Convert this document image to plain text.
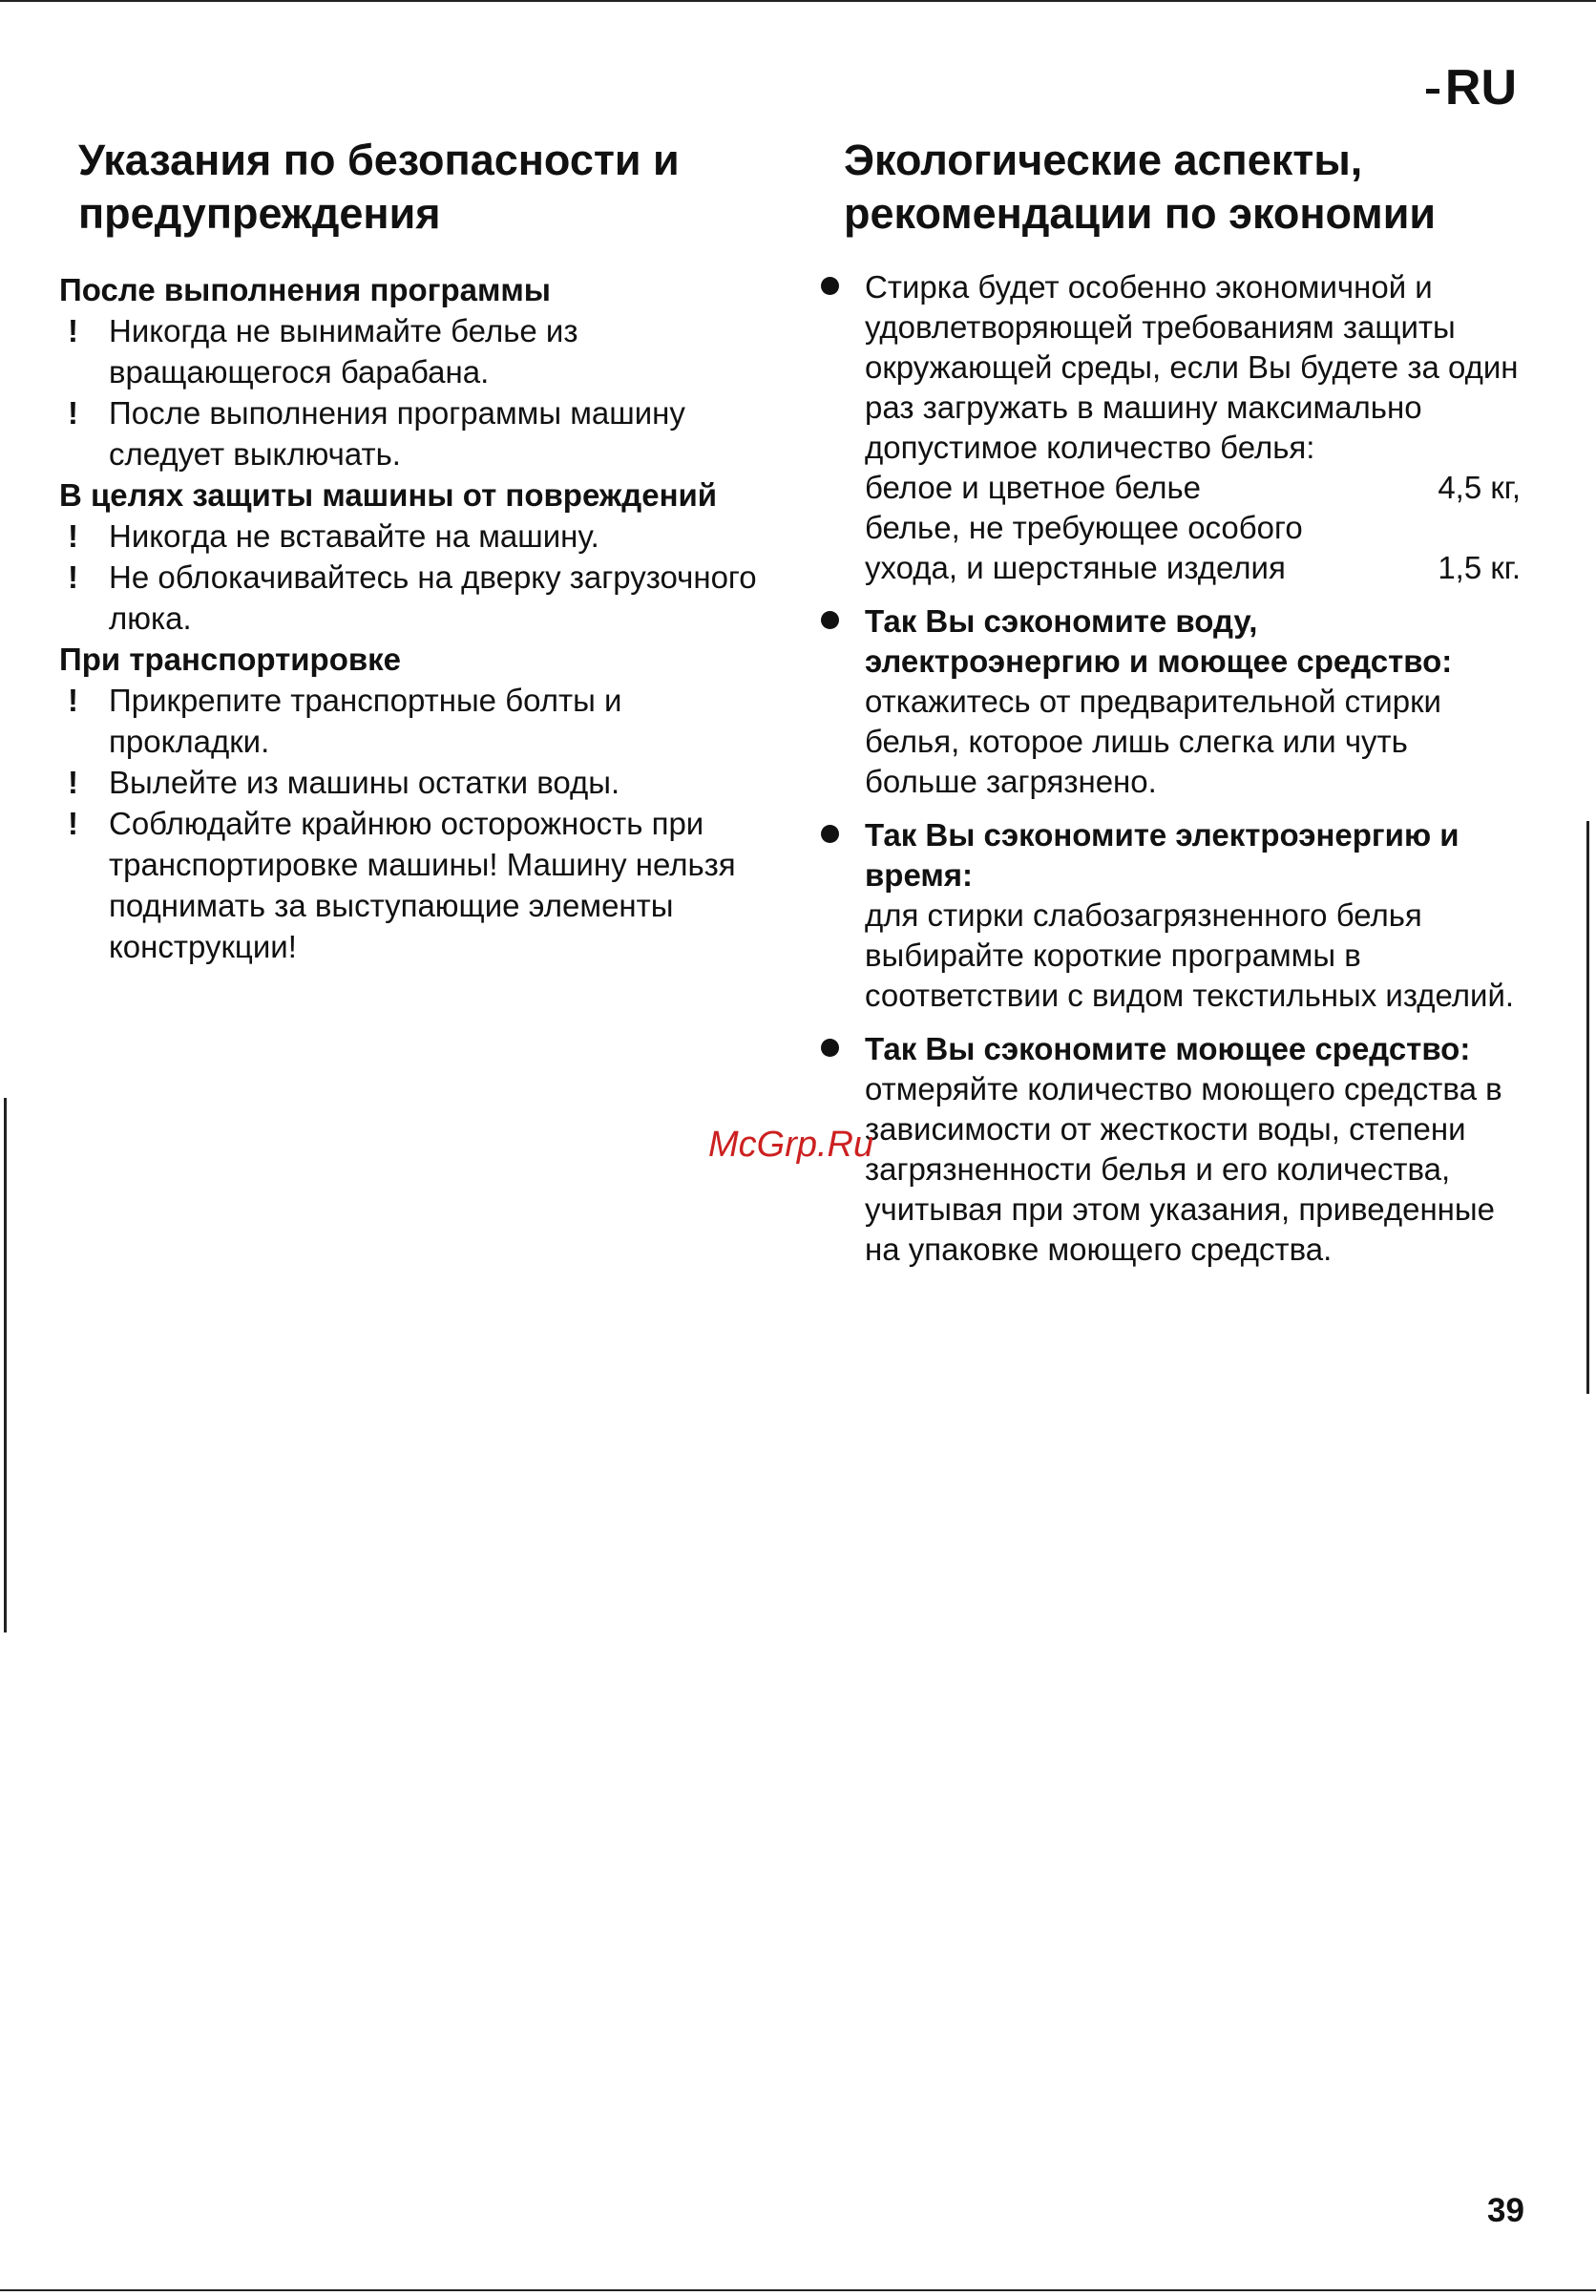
RU
Указания по безопасности и предупреждения
После выполнения программы
! Никогда не вынимайте белье из вращающегося барабана.
! После выполнения программы машину следует выключать.
В целях защиты машины от повреждений
! Никогда не вставайте на машину.
! Не облокачивайтесь на дверку загрузочного люка.
При транспортировке
! Прикрепите транспортные болты и прокладки.
! Вылейте из машины остатки воды.
! Соблюдайте крайнюю осторожность при транспортировке машины! Машину нельзя поднимать за выступающие элементы конструкции!
Экологические аспекты, рекомендации по экономии
Стирка будет особенно экономичной и удовлетворяющей требованиям защиты окружающей среды, если Вы будете за один раз загружать в машину максимально допустимое количество белья:
белое и цветное белье	4,5 кг,
белье, не требующее особого
ухода, и шерстяные изделия	1,5 кг.
Так Вы сэкономите воду, электроэнергию и моющее средство:
откажитесь от предварительной стирки белья, которое лишь слегка или чуть больше загрязнено.
Так Вы сэкономите электроэнергию и время:
для стирки слабозагрязненного белья выбирайте короткие программы в соответствии с видом текстильных изделий.
Так Вы сэкономите моющее средство:
отмеряйте количество моющего средства в зависимости от жесткости воды, степени загрязненности белья и его количества, учитывая при этом указания, приведенные на упаковке моющего средства.
McGrp.Ru
39
